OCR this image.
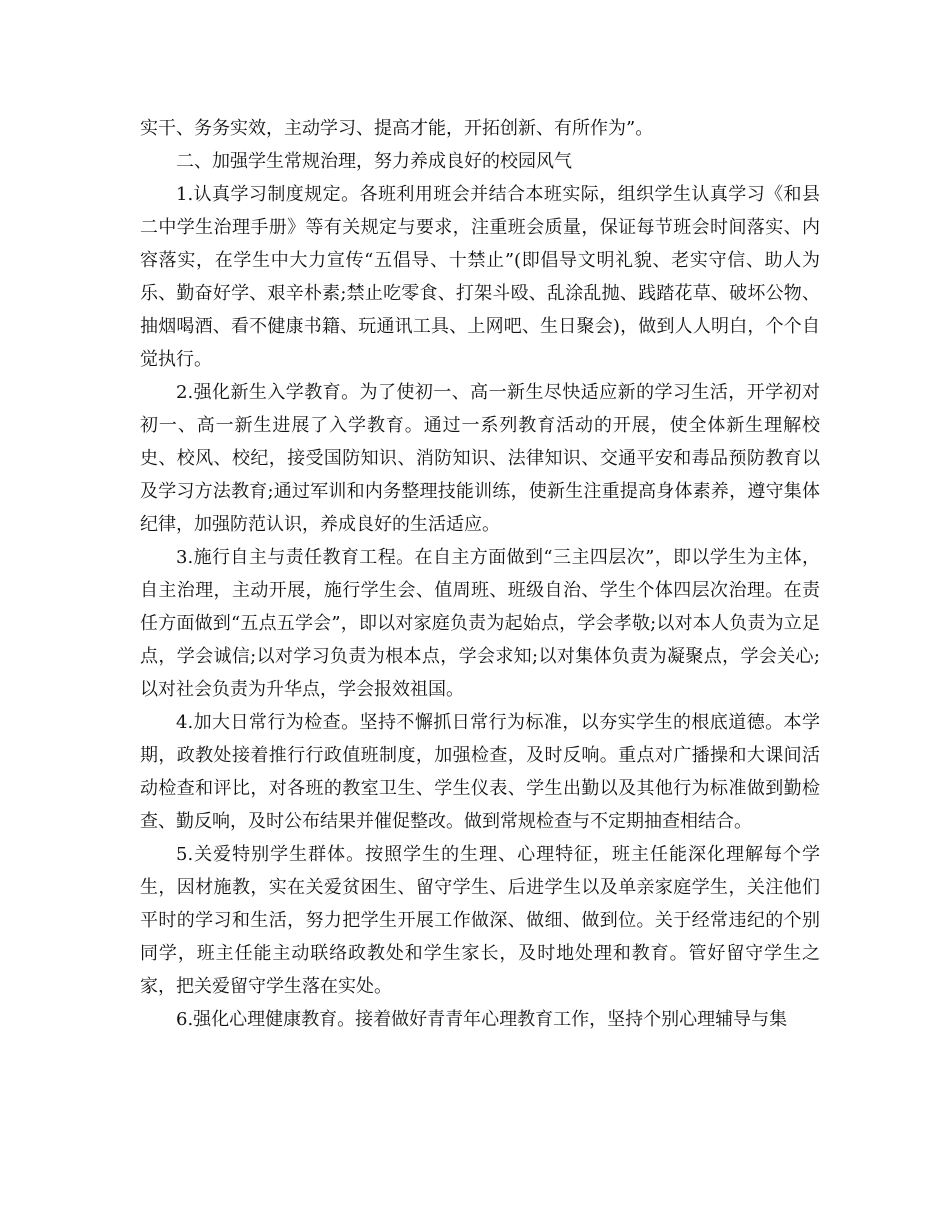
实干、务务实效，主动学习、提高才能，开拓创新、有所作为”。

二、加强学生常规治理，努力养成良好的校园风气

1.认真学习制度规定。各班利用班会并结合本班实际，组织学生认真学习《和县二中学生治理手册》等有关规定与要求，注重班会质量，保证每节班会时间落实、内容落实，在学生中大力宣传“五倡导、十禁止”(即倡导文明礼貌、老实守信、助人为乐、勤奋好学、艰辛朴素;禁止吃零食、打架斗殴、乱涂乱抛、践踏花草、破坏公物、抽烟喝酒、看不健康书籍、玩通讯工具、上网吧、生日聚会)，做到人人明白，个个自觉执行。

2.强化新生入学教育。为了使初一、高一新生尽快适应新的学习生活，开学初对初一、高一新生进展了入学教育。通过一系列教育活动的开展，使全体新生理解校史、校风、校纪，接受国防知识、消防知识、法律知识、交通平安和毒品预防教育以及学习方法教育;通过军训和内务整理技能训练，使新生注重提高身体素养，遵守集体纪律，加强防范认识，养成良好的生活适应。

3.施行自主与责任教育工程。在自主方面做到“三主四层次”，即以学生为主体，自主治理，主动开展，施行学生会、值周班、班级自治、学生个体四层次治理。在责任方面做到“五点五学会”，即以对家庭负责为起始点，学会孝敬;以对本人负责为立足点，学会诚信;以对学习负责为根本点，学会求知;以对集体负责为凝聚点，学会关心;以对社会负责为升华点，学会报效祖国。

4.加大日常行为检查。坚持不懈抓日常行为标准，以夯实学生的根底道德。本学期，政教处接着推行行政值班制度，加强检查，及时反响。重点对广播操和大课间活动检查和评比，对各班的教室卫生、学生仪表、学生出勤以及其他行为标准做到勤检查、勤反响，及时公布结果并催促整改。做到常规检查与不定期抽查相结合。

5.关爱特别学生群体。按照学生的生理、心理特征，班主任能深化理解每个学生，因材施教，实在关爱贫困生、留守学生、后进学生以及单亲家庭学生，关注他们平时的学习和生活，努力把学生开展工作做深、做细、做到位。关于经常违纪的个别同学，班主任能主动联络政教处和学生家长，及时地处理和教育。管好留守学生之家，把关爱留守学生落在实处。

6.强化心理健康教育。接着做好青青年心理教育工作，坚持个别心理辅导与集
